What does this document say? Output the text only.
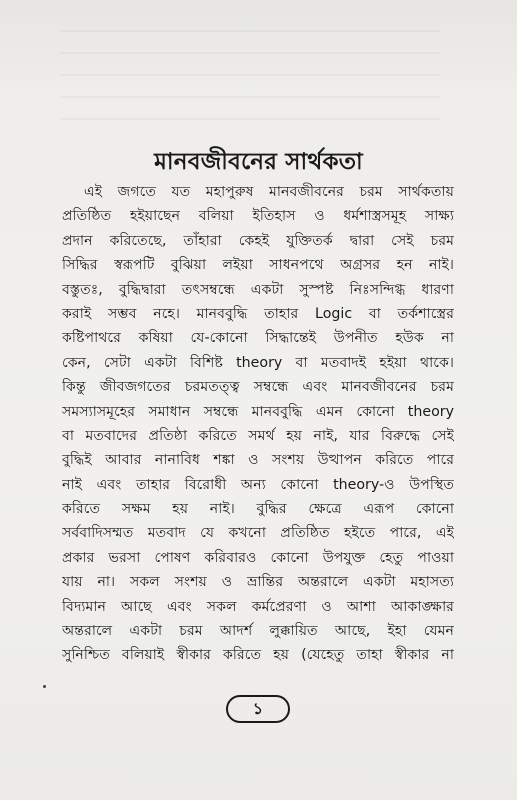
মানবজীবনের সার্থকতা
এই জগতে যত মহাপুরুষ মানবজীবনের চরম সার্থকতায়
প্রতিষ্ঠিত হইয়াছেন বলিয়া ইতিহাস ও ধর্মশাস্ত্রসমূহ সাক্ষ্য
প্রদান করিতেছে, তাঁহারা কেহই যুক্তিতর্ক দ্বারা সেই চরম
সিদ্ধির স্বরূপটি বুঝিয়া লইয়া সাধনপথে অগ্রসর হন নাই।
বস্তুতঃ, বুদ্ধিদ্বারা তৎসম্বন্ধে একটা সুস্পষ্ট নিঃসন্দিগ্ধ ধারণা
করাই সম্ভব নহে। মানববুদ্ধি তাহার Logic বা তর্কশাস্ত্রের
কষ্টিপাথরে কষিয়া যে-কোনো সিদ্ধান্তেই উপনীত হউক না
কেন, সেটা একটা বিশিষ্ট theory বা মতবাদই হইয়া থাকে।
কিন্তু জীবজগতের চরমতত্ত্ব সম্বন্ধে এবং মানবজীবনের চরম
সমস্যাসমূহের সমাধান সম্বন্ধে মানববুদ্ধি এমন কোনো theory
বা মতবাদের প্রতিষ্ঠা করিতে সমর্থ হয় নাই, যার বিরুদ্ধে সেই
বুদ্ধিই আবার নানাবিধ শঙ্কা ও সংশয় উত্থাপন করিতে পারে
নাই এবং তাহার বিরোধী অন্য কোনো theory-ও উপস্থিত
করিতে সক্ষম হয় নাই। বুদ্ধির ক্ষেত্রে এরূপ কোনো
সর্ববাদিসম্মত মতবাদ যে কখনো প্রতিষ্ঠিত হইতে পারে, এই
প্রকার ভরসা পোষণ করিবারও কোনো উপযুক্ত হেতু পাওয়া
যায় না। সকল সংশয় ও ভ্রান্তির অন্তরালে একটা মহাসত্য
বিদ্যমান আছে এবং সকল কর্মপ্রেরণা ও আশা আকাঙ্ক্ষার
অন্তরালে একটা চরম আদর্শ লুক্কায়িত আছে, ইহা যেমন
সুনিশ্চিত বলিয়াই স্বীকার করিতে হয় (যেহেতু তাহা স্বীকার না
১
